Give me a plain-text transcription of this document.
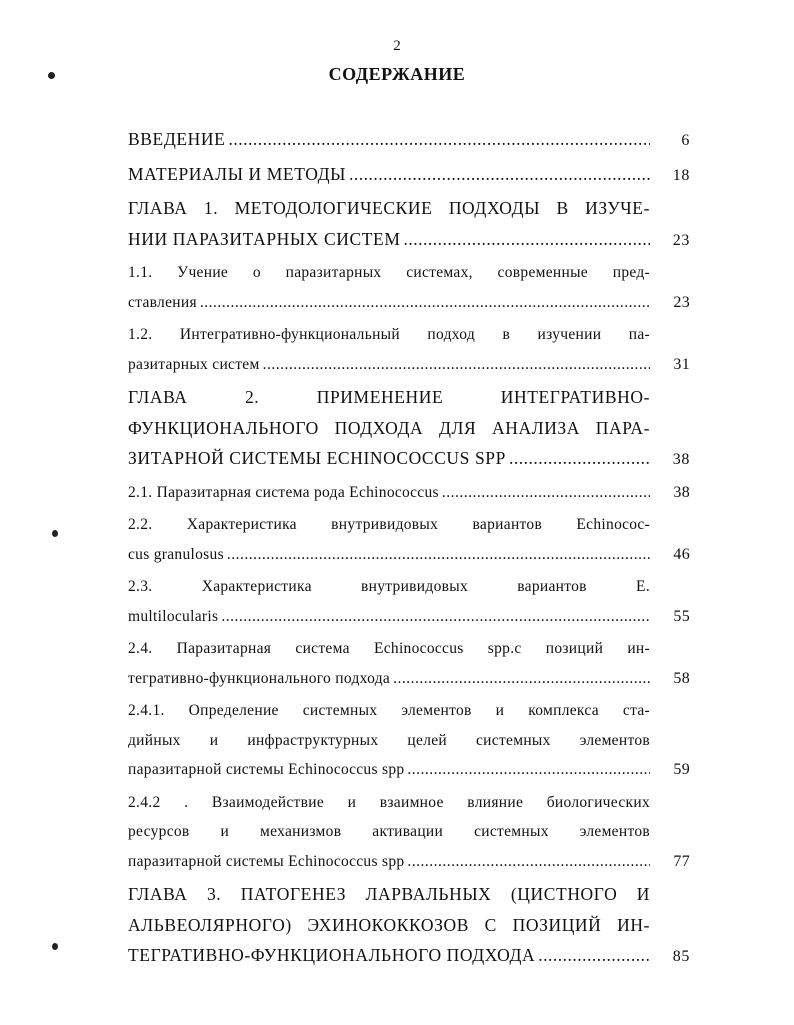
2
СОДЕРЖАНИЕ
ВВЕДЕНИЕ .....	6
МАТЕРИАЛЫ И МЕТОДЫ .....	18
ГЛАВА 1. МЕТОДОЛОГИЧЕСКИЕ ПОДХОДЫ В ИЗУЧЕ-
НИИ ПАРАЗИТАРНЫХ СИСТЕМ .....	23
1.1. Учение о паразитарных системах, современные пред-
ставления .....	23
1.2. Интегративно-функциональный подход в изучении па-
разитарных систем .....	31
ГЛАВА 2. ПРИМЕНЕНИЕ ИНТЕГРАТИВНО-
ФУНКЦИОНАЛЬНОГО ПОДХОДА ДЛЯ АНАЛИЗА ПАРА-
ЗИТАРНОЙ СИСТЕМЫ ECHINOCOCCUS SPP .....	38
2.1. Паразитарная система рода Echinococcus .....	38
2.2. Характеристика внутривидовых вариантов Echinococ-
cus granulosus .....	46
2.3. Характеристика внутривидовых вариантов Е.
multilocularis .....	55
2.4. Паразитарная система Echinococcus spp.с позиций ин-
тегративно-функционального подхода .....	58
2.4.1. Определение системных элементов и комплекса ста-
дийных и инфраструктурных целей системных элементов
паразитарной системы Echinococcus spp .....	59
2.4.2 . Взаимодействие и взаимное влияние биологических
ресурсов и механизмов активации системных элементов
паразитарной системы Echinococcus spp .....	77
ГЛАВА 3. ПАТОГЕНЕЗ ЛАРВАЛЬНЫХ (ЦИСТНОГО И
АЛЬВЕОЛЯРНОГО) ЭХИНОКОККОЗОВ С ПОЗИЦИЙ ИН-
ТЕГРАТИВНО-ФУНКЦИОНАЛЬНОГО ПОДХОДА .....	85
